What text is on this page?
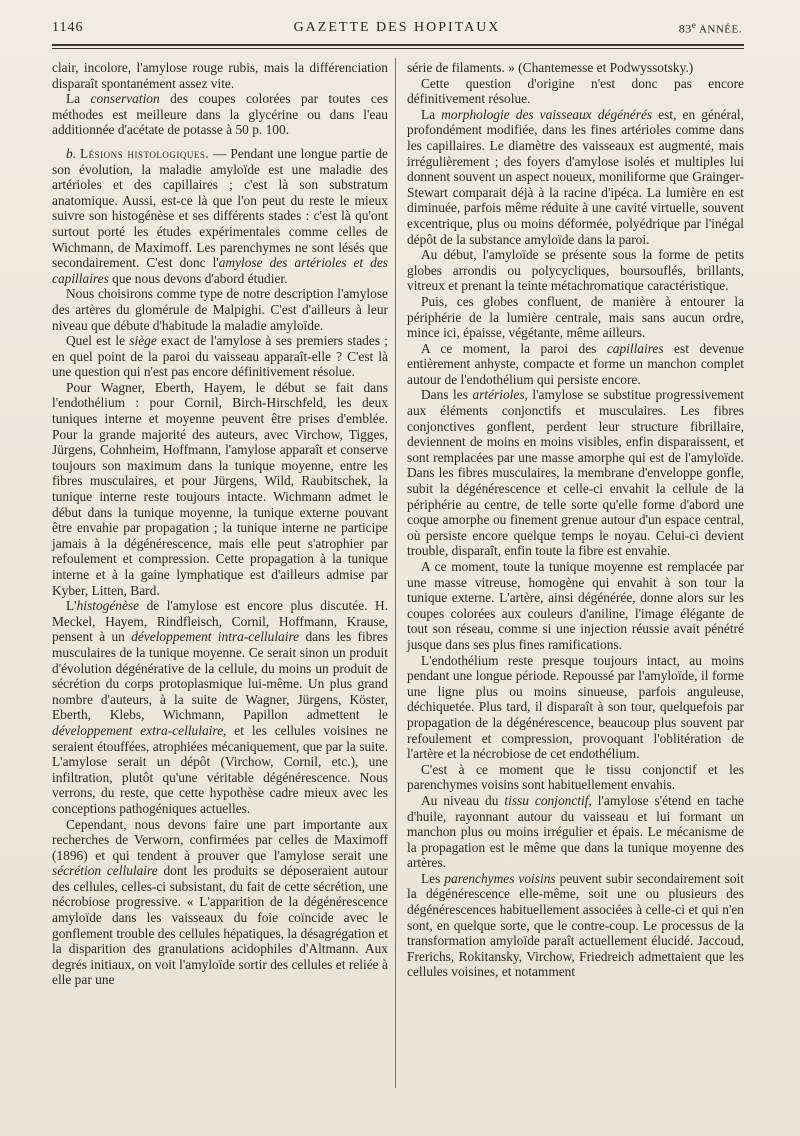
1146	GAZETTE DES HOPITAUX	83e ANNÉE.

clair, incolore, l'amylose rouge rubis, mais la différenciation disparaît spontanément assez vite.

La conservation des coupes colorées par toutes ces méthodes est meilleure dans la glycérine ou dans l'eau additionnée d'acétate de potasse à 50 p. 100.

b. Lésions histologiques. — Pendant une longue partie de son évolution, la maladie amyloïde est une maladie des artérioles et des capillaires ; c'est là son substratum anatomique. Aussi, est-ce là que l'on peut du reste le mieux suivre son histogénèse et ses différents stades : c'est là qu'ont surtout porté les études expérimentales comme celles de Wichmann, de Maximoff. Les parenchymes ne sont lésés que secondairement. C'est donc l'amylose des artérioles et des capillaires que nous devons d'abord étudier.

Nous choisirons comme type de notre description l'amylose des artères du glomérule de Malpighi. C'est d'ailleurs à leur niveau que débute d'habitude la maladie amyloïde.

Quel est le siège exact de l'amylose à ses premiers stades ; en quel point de la paroi du vaisseau apparaît-elle ? C'est là une question qui n'est pas encore définitivement résolue.

Pour Wagner, Eberth, Hayem, le début se fait dans l'endothélium : pour Cornil, Birch-Hirschfeld, les deux tuniques interne et moyenne peuvent être prises d'emblée. Pour la grande majorité des auteurs, avec Virchow, Tigges, Jürgens, Cohnheim, Hoffmann, l'amylose apparaît et conserve toujours son maximum dans la tunique moyenne, entre les fibres musculaires, et pour Jürgens, Wild, Raubitschek, la tunique interne reste toujours intacte. Wichmann admet le début dans la tunique moyenne, la tunique externe pouvant être envahie par propagation ; la tunique interne ne participe jamais à la dégénérescence, mais elle peut s'atrophier par refoulement et compression. Cette propagation à la tunique interne et à la gaine lymphatique est d'ailleurs admise par Kyber, Litten, Bard.

L'histogénèse de l'amylose est encore plus discutée. H. Meckel, Hayem, Rindfleisch, Cornil, Hoffmann, Krause, pensent à un développement intra-cellulaire dans les fibres musculaires de la tunique moyenne. Ce serait sinon un produit d'évolution dégénérative de la cellule, du moins un produit de sécrétion du corps protoplasmique lui-même. Un plus grand nombre d'auteurs, à la suite de Wagner, Jürgens, Köster, Eberth, Klebs, Wichmann, Papillon admettent le développement extra-cellulaire, et les cellules voisines ne seraient étouffées, atrophiées mécaniquement, que par la suite. L'amylose serait un dépôt (Virchow, Cornil, etc.), une infiltration, plutôt qu'une véritable dégénérescence. Nous verrons, du reste, que cette hypothèse cadre mieux avec les conceptions pathogéniques actuelles.

Cependant, nous devons faire une part importante aux recherches de Verworn, confirmées par celles de Maximoff (1896) et qui tendent à prouver que l'amylose serait une sécrétion cellulaire dont les produits se déposeraient autour des cellules, celles-ci subsistant, du fait de cette sécrétion, une nécrobiose progressive. « L'apparition de la dégénérescence amyloïde dans les vaisseaux du foie coïncide avec le gonflement trouble des cellules hépatiques, la désagrégation et la disparition des granulations acidophiles d'Altmann. Aux degrés initiaux, on voit l'amyloïde sortir des cellules et reliée à elle par une

série de filaments. » (Chantemesse et Podwyssotsky.)

Cette question d'origine n'est donc pas encore définitivement résolue.

La morphologie des vaisseaux dégénérés est, en général, profondément modifiée, dans les fines artérioles comme dans les capillaires. Le diamètre des vaisseaux est augmenté, mais irrégulièrement ; des foyers d'amylose isolés et multiples lui donnent souvent un aspect noueux, moniliforme que Grainger-Stewart comparait déjà à la racine d'ipéca. La lumière en est diminuée, parfois même réduite à une cavité virtuelle, souvent excentrique, plus ou moins déformée, polyédrique par l'inégal dépôt de la substance amyloïde dans la paroi.

Au début, l'amyloïde se présente sous la forme de petits globes arrondis ou polycycliques, boursouflés, brillants, vitreux et prenant la teinte métachromatique caractéristique.

Puis, ces globes confluent, de manière à entourer la périphérie de la lumière centrale, mais sans aucun ordre, mince ici, épaisse, végétante, même ailleurs.

A ce moment, la paroi des capillaires est devenue entièrement anhyste, compacte et forme un manchon complet autour de l'endothélium qui persiste encore.

Dans les artérioles, l'amylose se substitue progressivement aux éléments conjonctifs et musculaires. Les fibres conjonctives gonflent, perdent leur structure fibrillaire, deviennent de moins en moins visibles, enfin disparaissent, et sont remplacées par une masse amorphe qui est de l'amyloïde. Dans les fibres musculaires, la membrane d'enveloppe gonfle, subit la dégénérescence et celle-ci envahit la cellule de la périphérie au centre, de telle sorte qu'elle forme d'abord une coque amorphe ou finement grenue autour d'un espace central, où persiste encore quelque temps le noyau. Celui-ci devient trouble, disparaît, enfin toute la fibre est envahie.

A ce moment, toute la tunique moyenne est remplacée par une masse vitreuse, homogène qui envahit à son tour la tunique externe. L'artère, ainsi dégénérée, donne alors sur les coupes colorées aux couleurs d'aniline, l'image élégante de tout son réseau, comme si une injection réussie avait pénétré jusque dans ses plus fines ramifications.

L'endothélium reste presque toujours intact, au moins pendant une longue période. Repoussé par l'amyloïde, il forme une ligne plus ou moins sinueuse, parfois anguleuse, déchiquetée. Plus tard, il disparaît à son tour, quelquefois par propagation de la dégénérescence, beaucoup plus souvent par refoulement et compression, provoquant l'oblitération de l'artère et la nécrobiose de cet endothélium.

C'est à ce moment que le tissu conjonctif et les parenchymes voisins sont habituellement envahis.

Au niveau du tissu conjonctif, l'amylose s'étend en tache d'huile, rayonnant autour du vaisseau et lui formant un manchon plus ou moins irrégulier et épais. Le mécanisme de la propagation est le même que dans la tunique moyenne des artères.

Les parenchymes voisins peuvent subir secondairement soit la dégénérescence elle-même, soit une ou plusieurs des dégénérescences habituellement associées à celle-ci et qui n'en sont, en quelque sorte, que le contre-coup. Le processus de la transformation amyloïde paraît actuellement élucidé. Jaccoud, Frerichs, Rokitansky, Virchow, Friedreich admettaient que les cellules voisines, et notamment
